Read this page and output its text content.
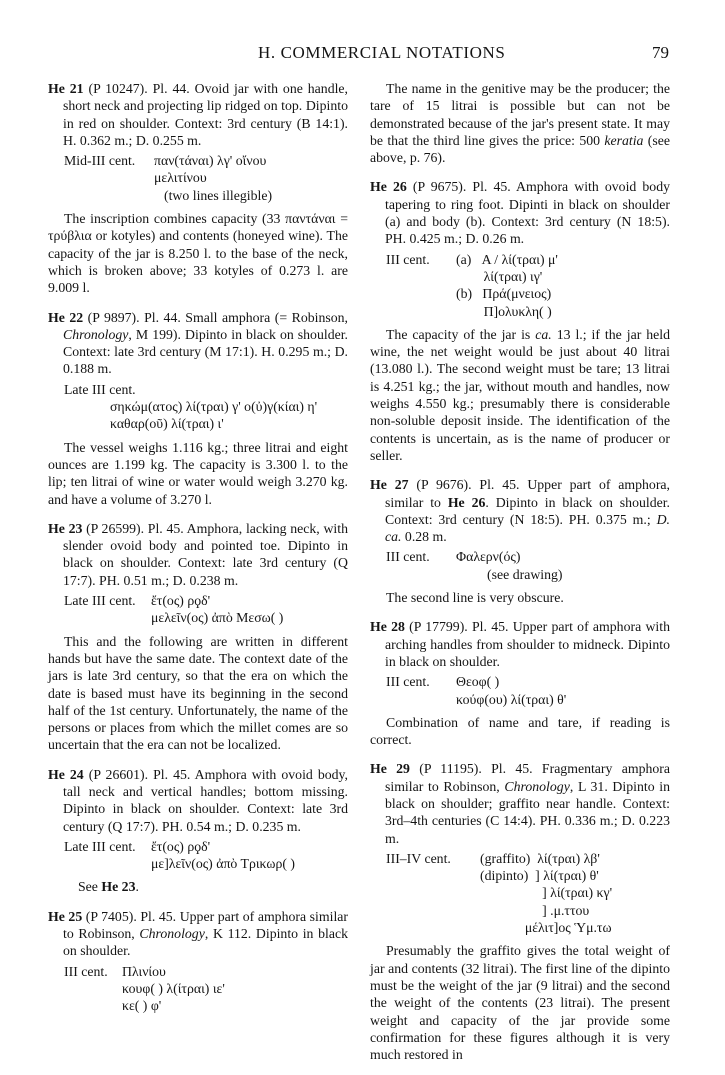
H. COMMERCIAL NOTATIONS	79

He 21 (P 10247). Pl. 44. Ovoid jar with one handle, short neck and projecting lip ridged on top. Dipinto in red on shoulder. Context: 3rd century (B 14:1). H. 0.362 m.; D. 0.255 m.

Mid-III cent.	παν(τάναι) λγ' οἴνου
μελιτίνου
(two lines illegible)

The inscription combines capacity (33 παντάναι = τρύβλια or kotyles) and contents (honeyed wine). The capacity of the jar is 8.250 l. to the base of the neck, which is broken above; 33 kotyles of 0.273 l. are 9.009 l.

He 22 (P 9897). Pl. 44. Small amphora (= Robinson, Chronology, M 199). Dipinto in black on shoulder. Context: late 3rd century (M 17:1). H. 0.295 m.; D. 0.188 m.

Late III cent.
σηκώμ(ατος) λί(τραι) γ' ο(ὐ)γ(κίαι) η'
καθαρ(οῦ) λί(τραι) ι'

The vessel weighs 1.116 kg.; three litrai and eight ounces are 1.199 kg. The capacity is 3.300 l. to the lip; ten litrai of wine or water would weigh 3.270 kg. and have a volume of 3.270 l.

He 23 (P 26599). Pl. 45. Amphora, lacking neck, with slender ovoid body and pointed toe. Dipinto in black on shoulder. Context: late 3rd century (Q 17:7). PH. 0.51 m.; D. 0.238 m.

Late III cent.	ἔτ(ος) ρϙδ'
μελεῖν(ος) ἀπὸ Μεσω( )

This and the following are written in different hands but have the same date. The context date of the jars is late 3rd century, so that the era on which the date is based must have its beginning in the second half of the 1st century. Unfortunately, the name of the persons or places from which the millet comes are so uncertain that the era can not be localized.

He 24 (P 26601). Pl. 45. Amphora with ovoid body, tall neck and vertical handles; bottom missing. Dipinto in black on shoulder. Context: late 3rd century (Q 17:7). PH. 0.54 m.; D. 0.235 m.

Late III cent.	ἔτ(ος) ρϙδ'
με]λεῖν(ος) ἀπὸ Τρικωρ( )

See He 23.

He 25 (P 7405). Pl. 45. Upper part of amphora similar to Robinson, Chronology, K 112. Dipinto in black on shoulder.

III cent.	Πλινίου
κουφ( ) λ(ίτραι) ιε'
κε( ) φ'

The name in the genitive may be the producer; the tare of 15 litrai is possible but can not be demonstrated because of the jar's present state. It may be that the third line gives the price: 500 keratia (see above, p. 76).

He 26 (P 9675). Pl. 45. Amphora with ovoid body tapering to ring foot. Dipinti in black on shoulder (a) and body (b). Context: 3rd century (N 18:5). PH. 0.425 m.; D. 0.26 m.

III cent.	(a)   Α / λί(τραι) μ'
λί(τραι) ιγ'
(b)   Πρά(μνειος)
Π]ολυκλη( )

The capacity of the jar is ca. 13 l.; if the jar held wine, the net weight would be just about 40 litrai (13.080 l.). The second weight must be tare; 13 litrai is 4.251 kg.; the jar, without mouth and handles, now weighs 4.550 kg.; presumably there is considerable non-soluble deposit inside. The identification of the contents is uncertain, as is the name of producer or seller.

He 27 (P 9676). Pl. 45. Upper part of amphora, similar to He 26. Dipinto in black on shoulder. Context: 3rd century (N 18:5). PH. 0.375 m.; D. ca. 0.28 m.

III cent.	Φαλερν(ός)
(see drawing)

The second line is very obscure.

He 28 (P 17799). Pl. 45. Upper part of amphora with arching handles from shoulder to midneck. Dipinto in black on shoulder.

III cent.	Θεοφ( )
κούφ(ου) λί(τραι) θ'

Combination of name and tare, if reading is correct.

He 29 (P 11195). Pl. 45. Fragmentary amphora similar to Robinson, Chronology, L 31. Dipinto in black on shoulder; graffito near handle. Context: 3rd–4th centuries (C 14:4). PH. 0.336 m.; D. 0.223 m.

III–IV cent.	(graffito)  λί(τραι) λβ'
(dipinto)  ] λί(τραι) θ'
] λί(τραι) κγ'
] .μ.ττου
μέλιτ]ος Ὑμ.τω

Presumably the graffito gives the total weight of jar and contents (32 litrai). The first line of the dipinto must be the weight of the jar (9 litrai) and the second the weight of the contents (23 litrai). The present weight and capacity of the jar provide some confirmation for these figures although it is very much restored in
